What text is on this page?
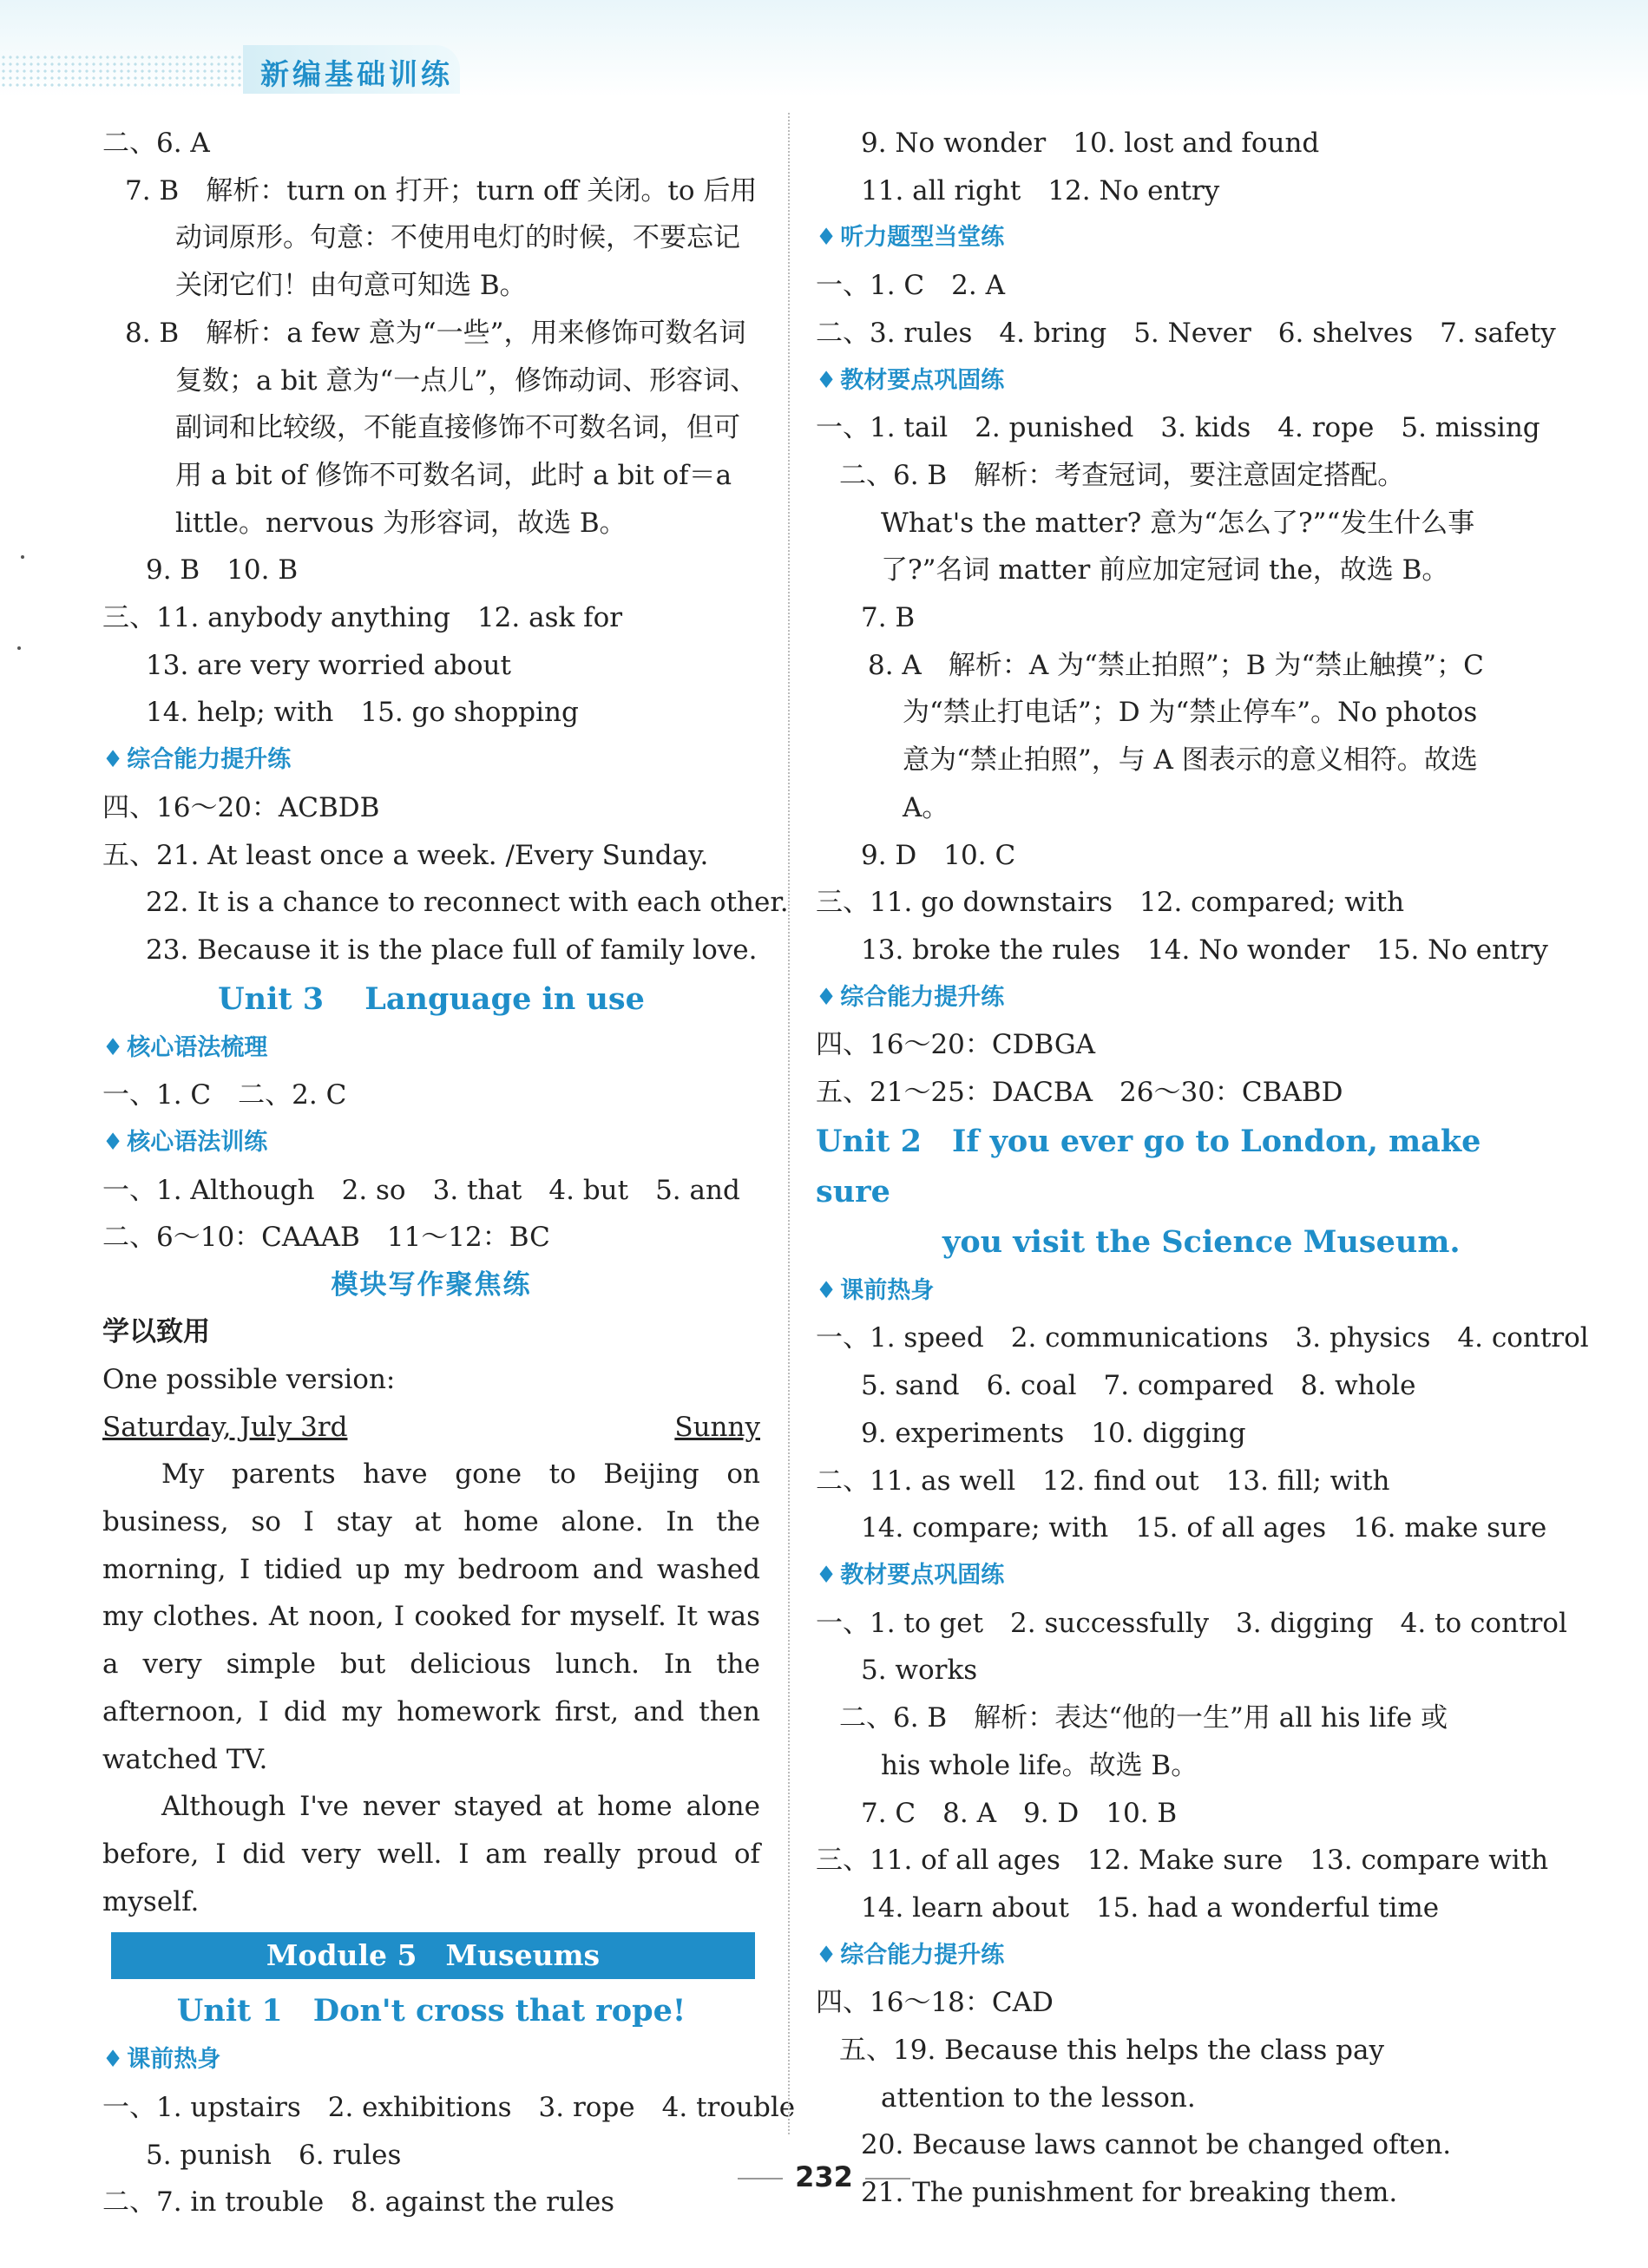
新编基础训练
二、6. A
7. B　解析：turn on 打开；turn off 关闭。to 后用动词原形。句意：不使用电灯的时候，不要忘记关闭它们！由句意可知选 B。
8. B　解析：a few 意为“一些”，用来修饰可数名词复数；a bit 意为“一点儿”，修饰动词、形容词、副词和比较级，不能直接修饰不可数名词，但可用 a bit of 修饰不可数名词，此时 a bit of＝a little。nervous 为形容词，故选 B。
9. B　10. B
三、11. anybody anything　12. ask for
13. are very worried about
14. help; with　15. go shopping
♦ 综合能力提升练
四、16～20：ACBDB
五、21. At least once a week. /Every Sunday.
22. It is a chance to reconnect with each other.
23. Because it is the place full of family love.
Unit 3　 Language in use
♦ 核心语法梳理
一、1. C　二、2. C
♦ 核心语法训练
一、1. Although　2. so　3. that　4. but　5. and
二、6～10：CAAAB　11～12：BC
模块写作聚焦练
学以致用
One possible version:
Saturday, July 3rd	Sunny
My parents have gone to Beijing on business, so I stay at home alone. In the morning, I tidied up my bedroom and washed my clothes. At noon, I cooked for myself. It was a very simple but delicious lunch. In the afternoon, I did my homework first, and then watched TV.
Although I've never stayed at home alone before, I did very well. I am really proud of myself.
Module 5　Museums
Unit 1　Don't cross that rope!
♦ 课前热身
一、1. upstairs　2. exhibitions　3. rope　4. trouble
5. punish　6. rules
二、7. in trouble　8. against the rules
9. No wonder　10. lost and found
11. all right　12. No entry
♦ 听力题型当堂练
一、1. C　2. A
二、3. rules　4. bring　5. Never　6. shelves　7. safety
♦ 教材要点巩固练
一、1. tail　2. punished　3. kids　4. rope　5. missing
二、6. B　解析：考查冠词，要注意固定搭配。What's the matter? 意为“怎么了?”“发生什么事了?”名词 matter 前应加定冠词 the，故选 B。
7. B
8. A　解析：A 为“禁止拍照”；B 为“禁止触摸”；C 为“禁止打电话”；D 为“禁止停车”。No photos 意为“禁止拍照”，与 A 图表示的意义相符。故选 A。
9. D　10. C
三、11. go downstairs　12. compared; with
13. broke the rules　14. No wonder　15. No entry
♦ 综合能力提升练
四、16～20：CDBGA
五、21～25：DACBA　26～30：CBABD
Unit 2　If you ever go to London, make sure
you visit the Science Museum.
♦ 课前热身
一、1. speed　2. communications　3. physics　4. control
5. sand　6. coal　7. compared　8. whole
9. experiments　10. digging
二、11. as well　12. find out　13. fill; with
14. compare; with　15. of all ages　16. make sure
♦ 教材要点巩固练
一、1. to get　2. successfully　3. digging　4. to control
5. works
二、6. B　解析：表达“他的一生”用 all his life 或 his whole life。故选 B。
7. C　8. A　9. D　10. B
三、11. of all ages　12. Make sure　13. compare with
14. learn about　15. had a wonderful time
♦ 综合能力提升练
四、16～18：CAD
五、19. Because this helps the class pay attention to the lesson.
20. Because laws cannot be changed often.
21. The punishment for breaking them.
232
